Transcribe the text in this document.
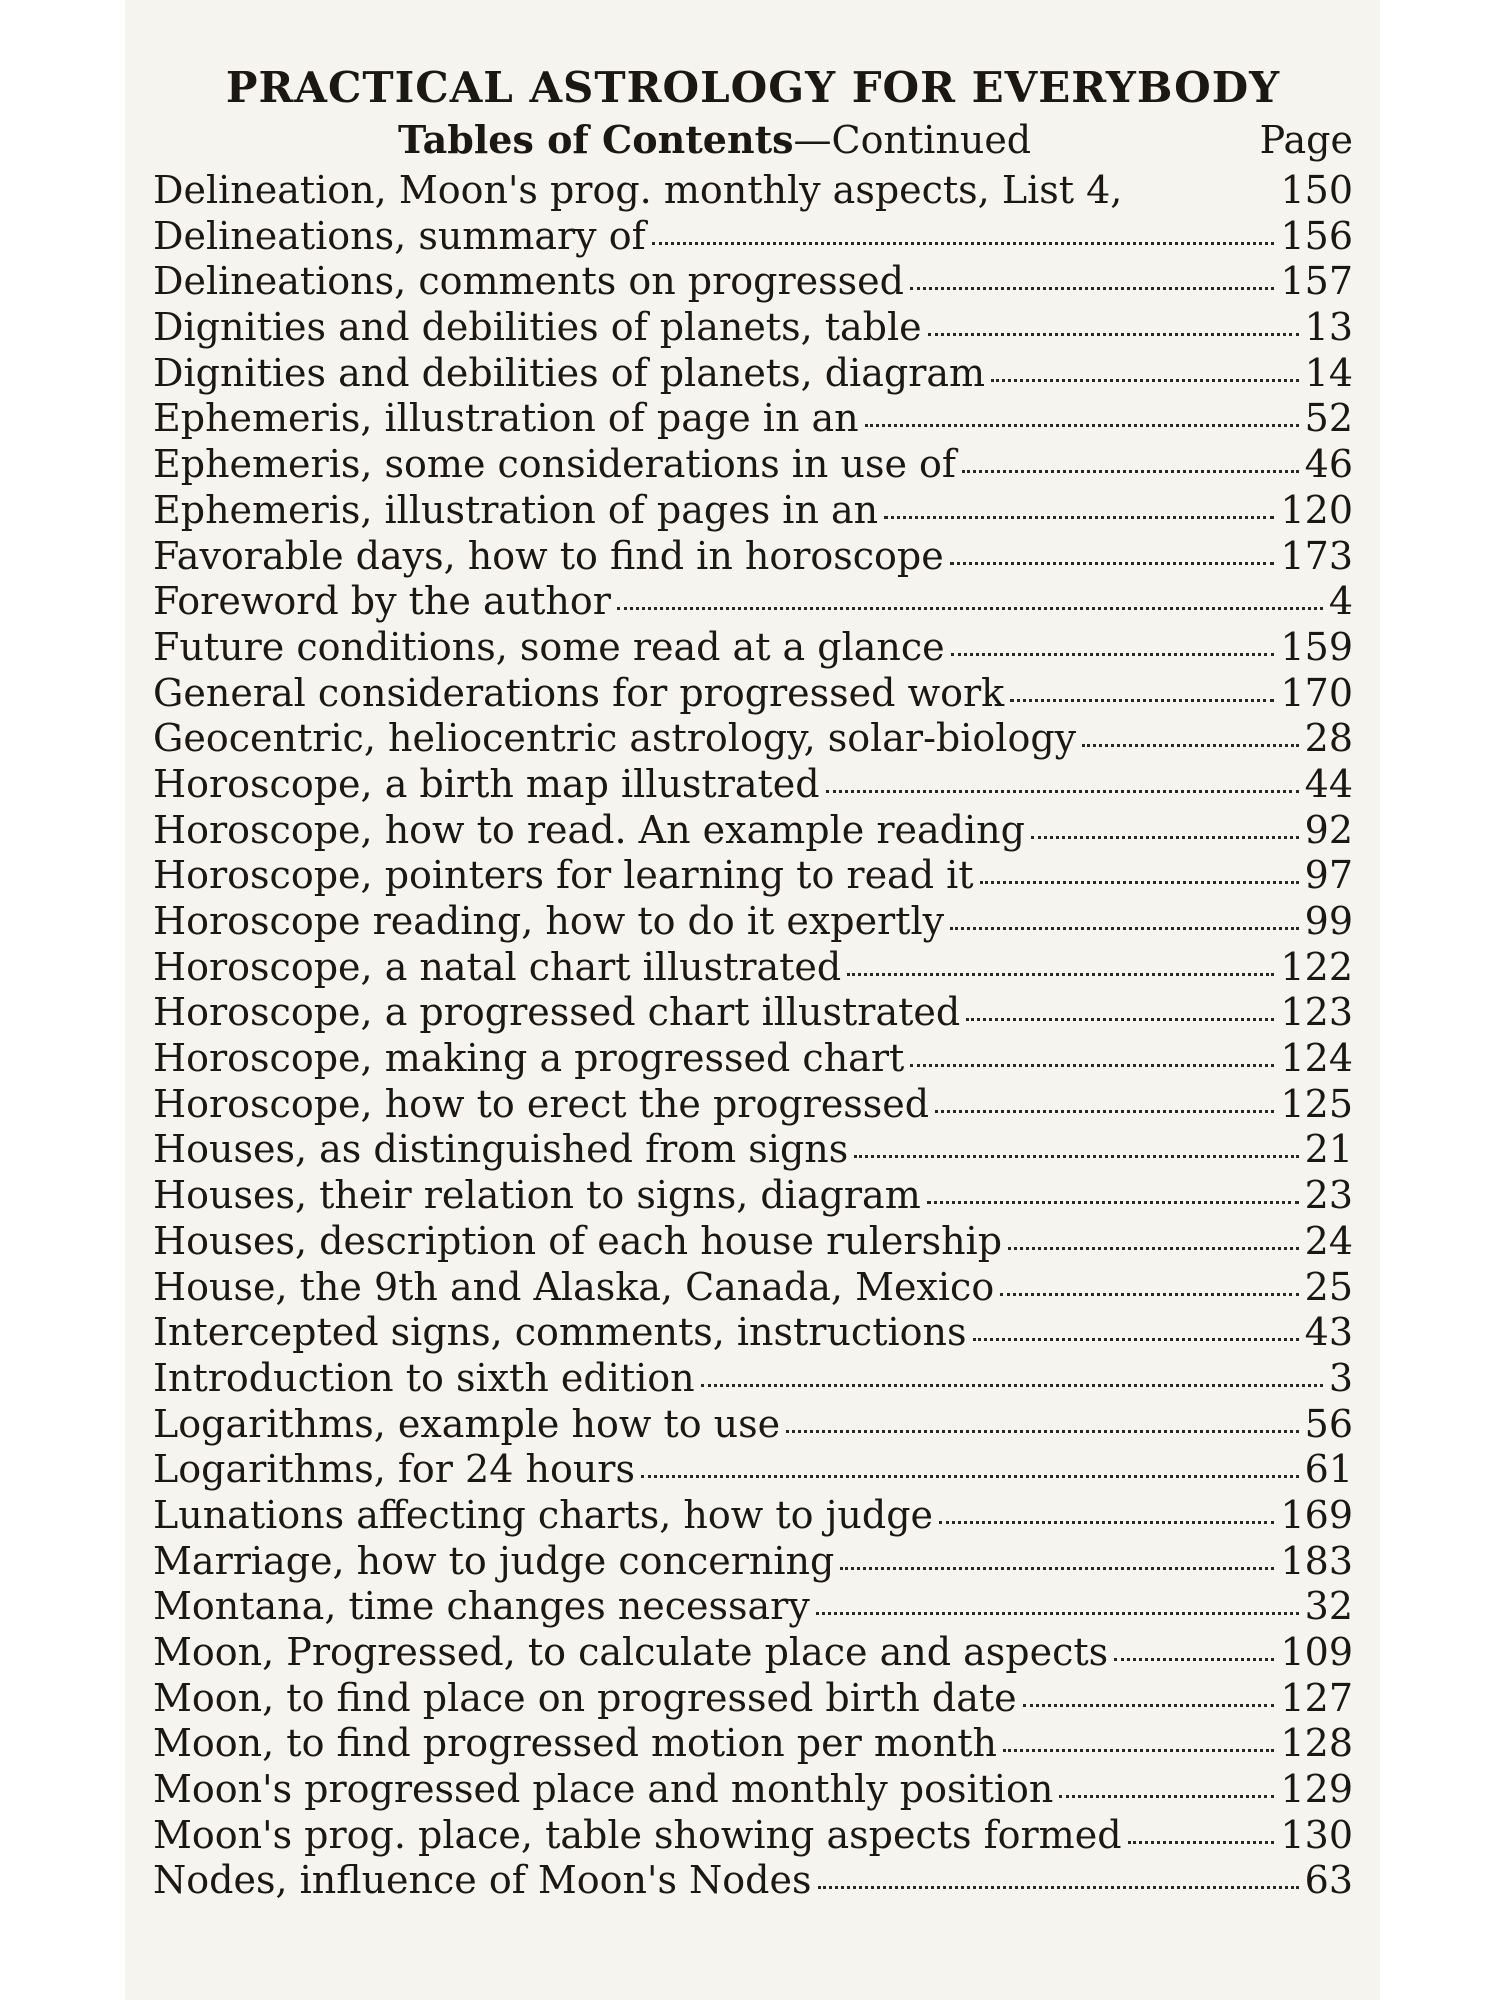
PRACTICAL ASTROLOGY FOR EVERYBODY
Tables of Contents—Continued	Page
Delineation, Moon's prog. monthly aspects, List 4,	150
Delineations, summary of	156
Delineations, comments on progressed	157
Dignities and debilities of planets, table	13
Dignities and debilities of planets, diagram	14
Ephemeris, illustration of page in an	52
Ephemeris, some considerations in use of	46
Ephemeris, illustration of pages in an	120
Favorable days, how to find in horoscope	173
Foreword by the author	4
Future conditions, some read at a glance	159
General considerations for progressed work	170
Geocentric, heliocentric astrology, solar-biology	28
Horoscope, a birth map illustrated	44
Horoscope, how to read. An example reading	92
Horoscope, pointers for learning to read it	97
Horoscope reading, how to do it expertly	99
Horoscope, a natal chart illustrated	122
Horoscope, a progressed chart illustrated	123
Horoscope, making a progressed chart	124
Horoscope, how to erect the progressed	125
Houses, as distinguished from signs	21
Houses, their relation to signs, diagram	23
Houses, description of each house rulership	24
House, the 9th and Alaska, Canada, Mexico	25
Intercepted signs, comments, instructions	43
Introduction to sixth edition	3
Logarithms, example how to use	56
Logarithms, for 24 hours	61
Lunations affecting charts, how to judge	169
Marriage, how to judge concerning	183
Montana, time changes necessary	32
Moon, Progressed, to calculate place and aspects	109
Moon, to find place on progressed birth date	127
Moon, to find progressed motion per month	128
Moon's progressed place and monthly position	129
Moon's prog. place, table showing aspects formed	130
Nodes, influence of Moon's Nodes	63
